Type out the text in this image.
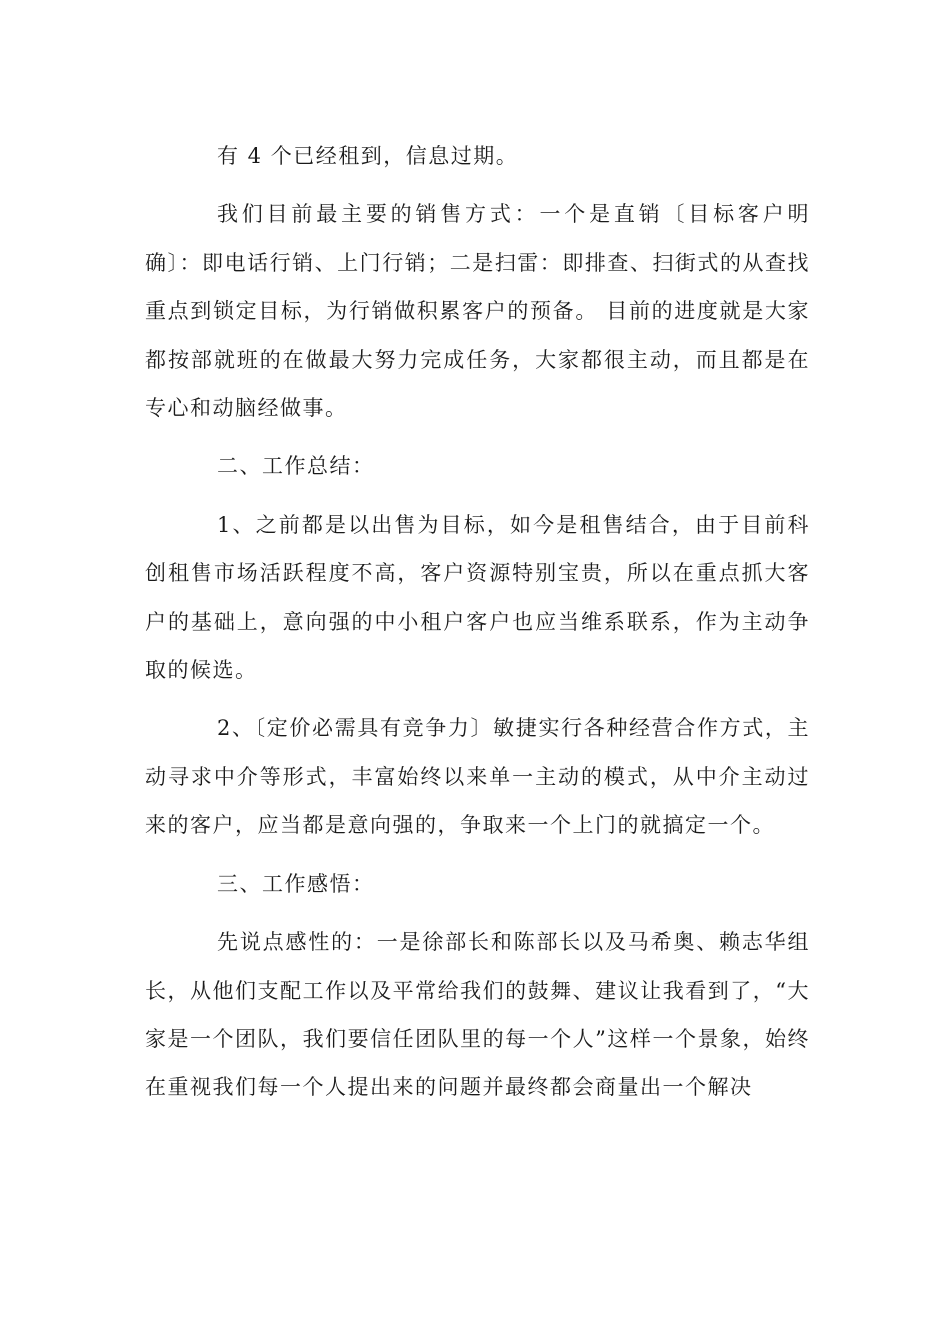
有 4 个已经租到，信息过期。

我们目前最主要的销售方式：一个是直销〔目标客户明确〕：即电话行销、上门行销；二是扫雷：即排查、扫街式的从查找重点到锁定目标，为行销做积累客户的预备。 目前的进度就是大家都按部就班的在做最大努力完成任务，大家都很主动，而且都是在专心和动脑经做事。

二、工作总结：

1、之前都是以出售为目标，如今是租售结合，由于目前科创租售市场活跃程度不高，客户资源特别宝贵，所以在重点抓大客户的基础上，意向强的中小租户客户也应当维系联系，作为主动争取的候选。

2、〔定价必需具有竞争力〕敏捷实行各种经营合作方式，主动寻求中介等形式，丰富始终以来单一主动的模式，从中介主动过来的客户，应当都是意向强的，争取来一个上门的就搞定一个。

三、工作感悟：

先说点感性的：一是徐部长和陈部长以及马希奥、赖志华组长，从他们支配工作以及平常给我们的鼓舞、建议让我看到了，“大家是一个团队，我们要信任团队里的每一个人”这样一个景象，始终在重视我们每一个人提出来的问题并最终都会商量出一个解决
